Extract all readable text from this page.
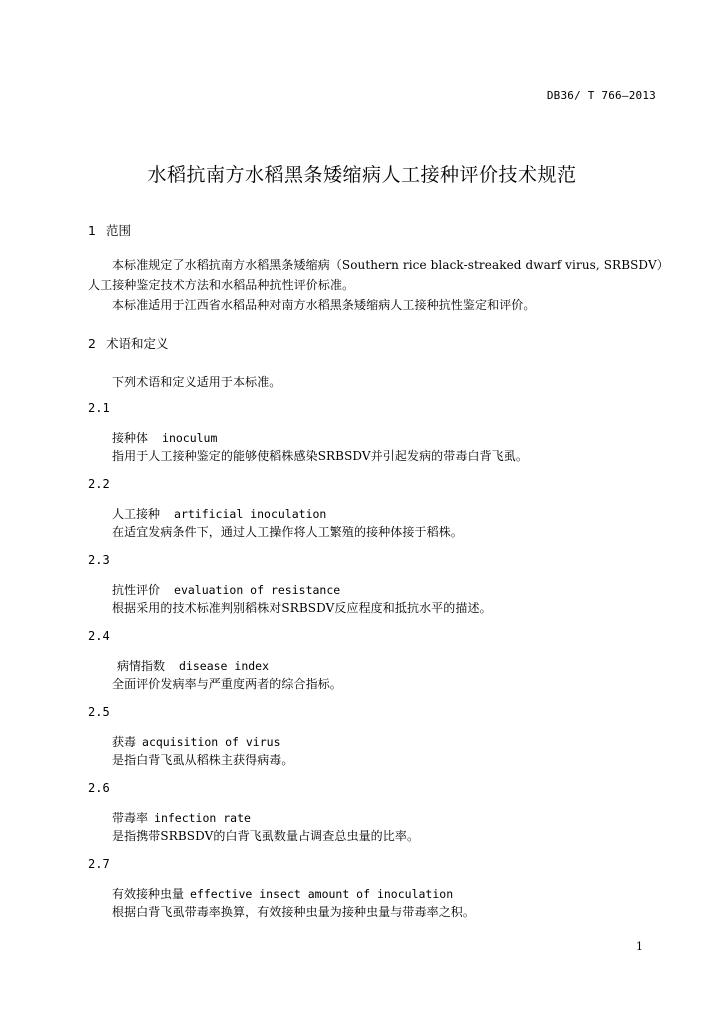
DB36/ T 766—2013
水稻抗南方水稻黑条矮缩病人工接种评价技术规范
1 范围
本标准规定了水稻抗南方水稻黑条矮缩病（Southern rice black-streaked dwarf virus, SRBSDV）
人工接种鉴定技术方法和水稻品种抗性评价标准。
本标准适用于江西省水稻品种对南方水稻黑条矮缩病人工接种抗性鉴定和评价。
2 术语和定义
下列术语和定义适用于本标准。
2.1
接种体 inoculum
指用于人工接种鉴定的能够使稻株感染SRBSDV并引起发病的带毒白背飞虱。
2.2
人工接种 artificial inoculation
在适宜发病条件下，通过人工操作将人工繁殖的接种体接于稻株。
2.3
抗性评价 evaluation of resistance
根据采用的技术标准判别稻株对SRBSDV反应程度和抵抗水平的描述。
2.4
病情指数 disease index
全面评价发病率与严重度两者的综合指标。
2.5
获毒 acquisition of virus
是指白背飞虱从稻株主获得病毒。
2.6
带毒率 infection rate
是指携带SRBSDV的白背飞虱数量占调查总虫量的比率。
2.7
有效接种虫量 effective insect amount of inoculation
根据白背飞虱带毒率换算，有效接种虫量为接种虫量与带毒率之积。
1
